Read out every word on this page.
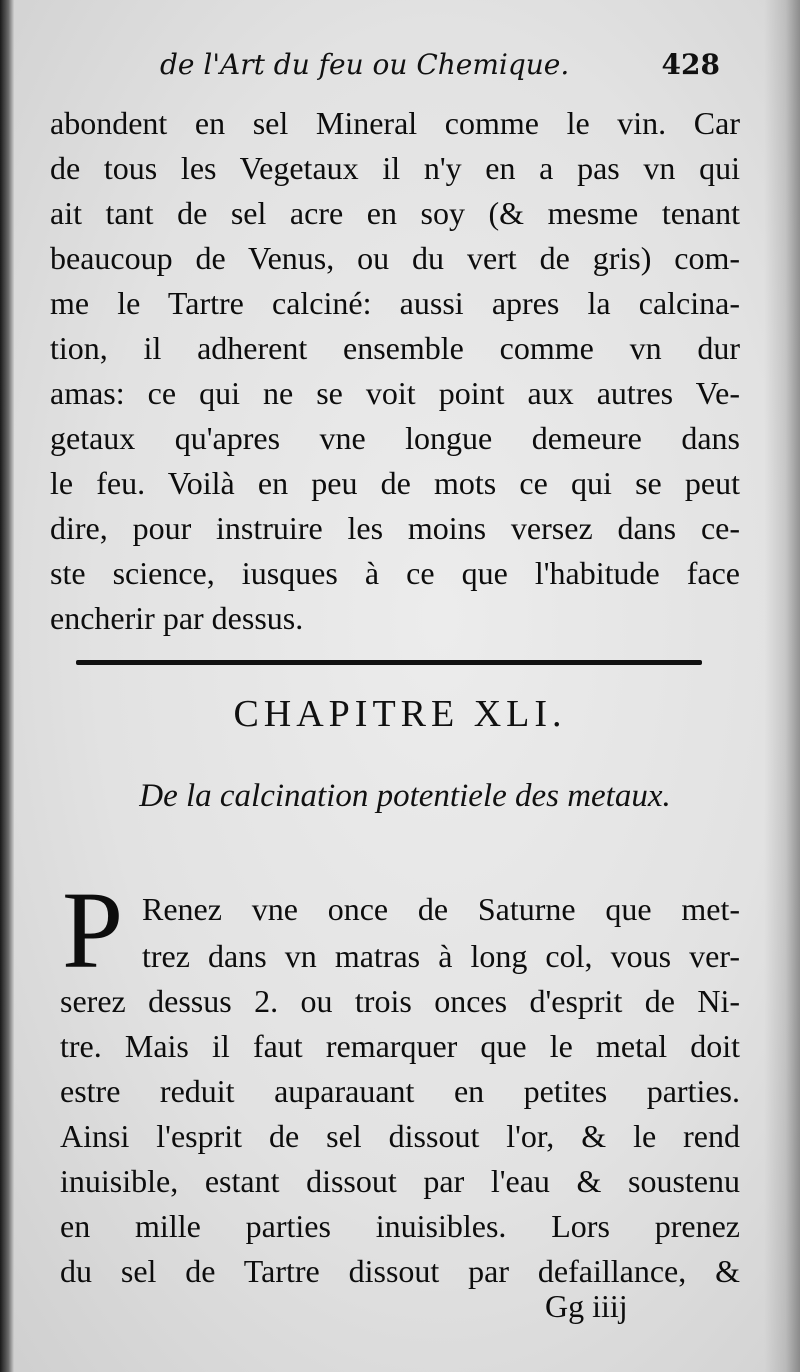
de l'Art du feu ou Chemique.	428
abondent en sel Mineral comme le vin. Car
de tous les Vegetaux il n'y en a pas vn qui
ait tant de sel acre en soy (& mesme tenant
beaucoup de Venus, ou du vert de gris) com-
me le Tartre calciné: aussi apres la calcina-
tion, il adherent ensemble comme vn dur
amas: ce qui ne se voit point aux autres Ve-
getaux qu'apres vne longue demeure dans
le feu. Voilà en peu de mots ce qui se peut
dire, pour instruire les moins versez dans ce-
ste science, iusques à ce que l'habitude face
encherir par dessus.
CHAPITRE XLI.
De la calcination potentiele des metaux.
P Renez vne once de Saturne que met-
trez dans vn matras à long col, vous ver-
serez dessus 2. ou trois onces d'esprit de Ni-
tre. Mais il faut remarquer que le metal doit
estre reduit auparauant en petites parties.
Ainsi l'esprit de sel dissout l'or, & le rend
inuisible, estant dissout par l'eau & soustenu
en mille parties inuisibles. Lors prenez
du sel de Tartre dissout par defaillance, &
Gg iiij
